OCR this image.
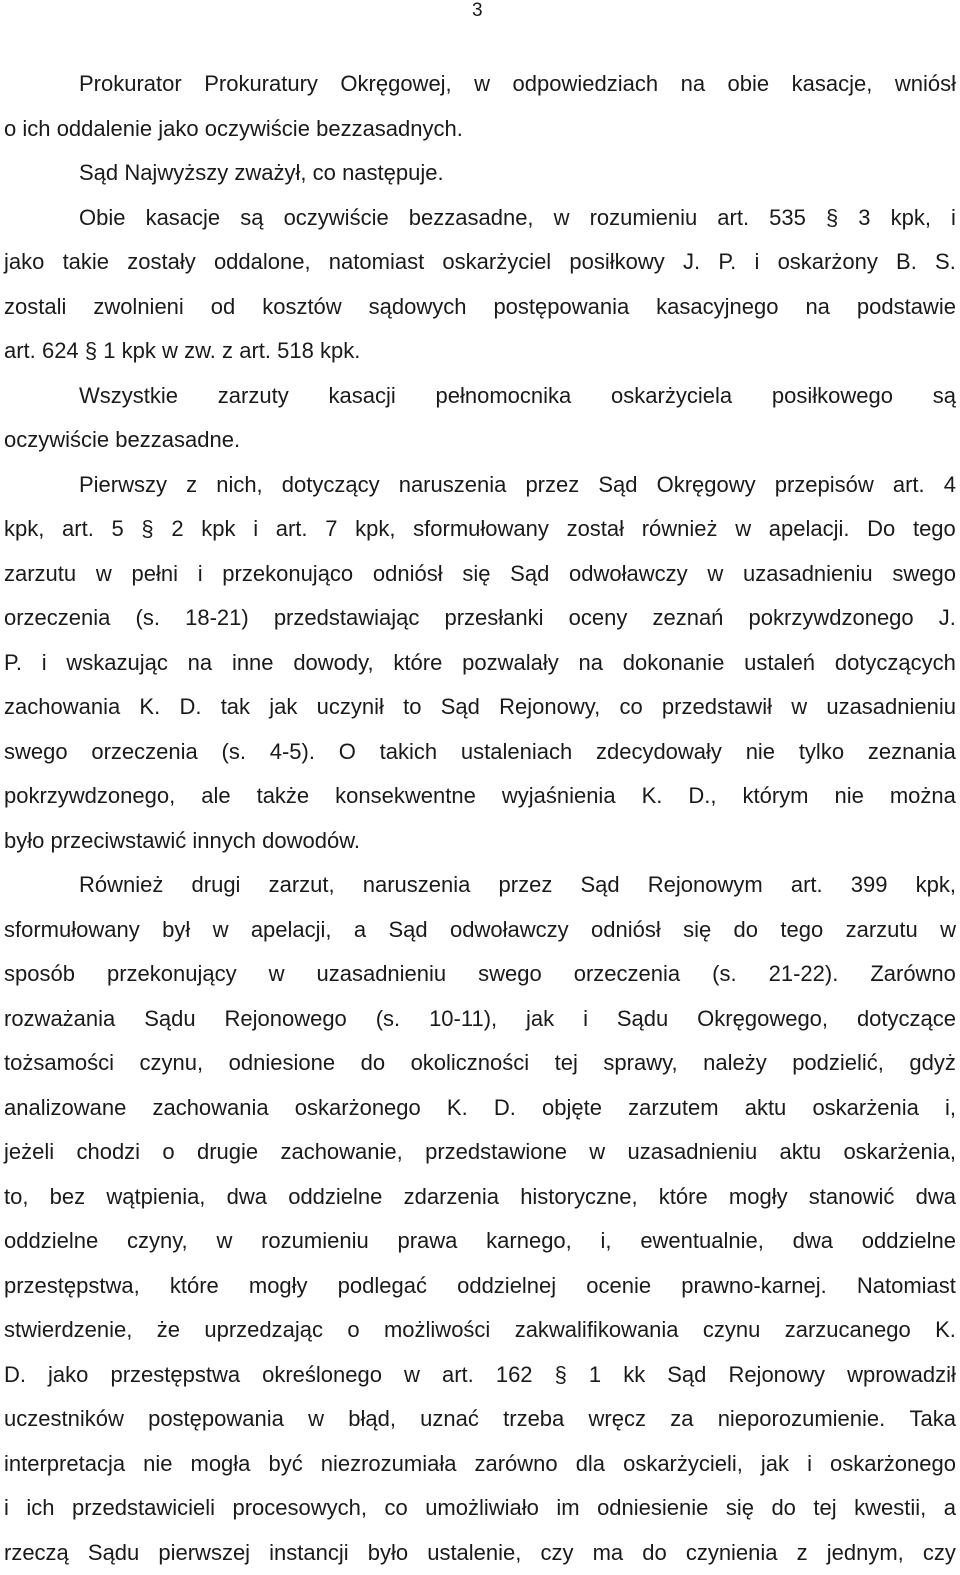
3
Prokurator Prokuratury Okręgowej, w odpowiedziach na obie kasacje, wniósł
o ich oddalenie jako oczywiście bezzasadnych.
Sąd Najwyższy zważył, co następuje.
Obie kasacje są oczywiście bezzasadne, w rozumieniu art. 535 § 3 kpk, i
jako takie zostały oddalone, natomiast oskarżyciel posiłkowy J. P. i oskarżony B. S.
zostali zwolnieni od kosztów sądowych postępowania kasacyjnego na podstawie
art. 624 § 1 kpk w zw. z art. 518 kpk.
Wszystkie zarzuty kasacji pełnomocnika oskarżyciela posiłkowego są
oczywiście bezzasadne.
Pierwszy z nich, dotyczący naruszenia przez Sąd Okręgowy przepisów art. 4
kpk, art. 5 § 2 kpk i art. 7 kpk, sformułowany został również w apelacji. Do tego
zarzutu w pełni i przekonująco odniósł się Sąd odwoławczy w uzasadnieniu swego
orzeczenia (s. 18-21) przedstawiając przesłanki oceny zeznań pokrzywdzonego J.
P. i wskazując na inne dowody, które pozwalały na dokonanie ustaleń dotyczących
zachowania K. D. tak jak uczynił to Sąd Rejonowy, co przedstawił w uzasadnieniu
swego orzeczenia (s. 4-5). O takich ustaleniach zdecydowały nie tylko zeznania
pokrzywdzonego, ale także konsekwentne wyjaśnienia K. D., którym nie można
było przeciwstawić innych dowodów.
Również drugi zarzut, naruszenia przez Sąd Rejonowym art. 399 kpk,
sformułowany był w apelacji, a Sąd odwoławczy odniósł się do tego zarzutu w
sposób przekonujący w uzasadnieniu swego orzeczenia (s. 21-22). Zarówno
rozważania Sądu Rejonowego (s. 10-11), jak i Sądu Okręgowego, dotyczące
tożsamości czynu, odniesione do okoliczności tej sprawy, należy podzielić, gdyż
analizowane zachowania oskarżonego K. D. objęte zarzutem aktu oskarżenia i,
jeżeli chodzi o drugie zachowanie, przedstawione w uzasadnieniu aktu oskarżenia,
to, bez wątpienia, dwa oddzielne zdarzenia historyczne, które mogły stanowić dwa
oddzielne czyny, w rozumieniu prawa karnego, i, ewentualnie, dwa oddzielne
przestępstwa, które mogły podlegać oddzielnej ocenie prawno-karnej. Natomiast
stwierdzenie, że uprzedzając o możliwości zakwalifikowania czynu zarzucanego K.
D. jako przestępstwa określonego w art. 162 § 1 kk Sąd Rejonowy wprowadził
uczestników postępowania w błąd, uznać trzeba wręcz za nieporozumienie. Taka
interpretacja nie mogła być niezrozumiała zarówno dla oskarżycieli, jak i oskarżonego
i ich przedstawicieli procesowych, co umożliwiało im odniesienie się do tej kwestii, a
rzeczą Sądu pierwszej instancji było ustalenie, czy ma do czynienia z jednym, czy
